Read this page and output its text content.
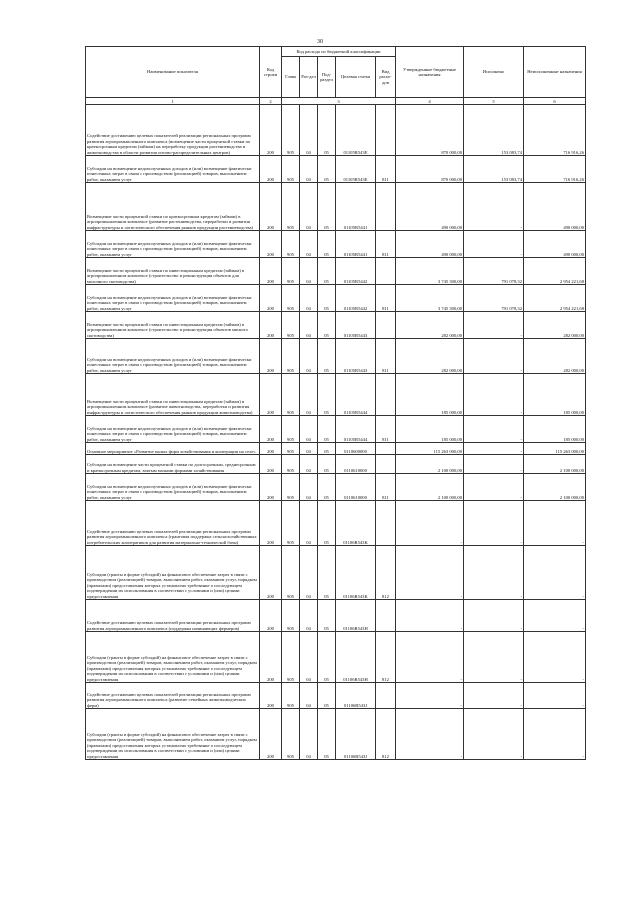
30
Наименование показателя	Код строки	Код расхода по бюджетной классификации					Утвержденные бюджетные назначения	Исполнено	Неисполненные назначения
		Глава	Раз-дел	Под-раздел	Целевая статья	Вид расхо-дов			
1	2	3					4	5	6
Содействие достижению целевых показателей реализации региональных программ развития агропромышленного комплекса (возмещение части процентной ставки по краткосрочным кредитам (займам) на переработку продукции растениеводства и животноводства в области развития оптово-распределительных центров)	200	905	04	05	01105R543E		870 000,00	153 083,74	716 916,26
Субсидии на возмещение недополученных доходов и (или) возмещение фактически понесенных затрат в связи с производством (реализацией) товаров, выполнением работ, оказанием услуг	200	905	04	05	01105R543E	811	870 000,00	153 083,74	716 916,26
Возмещение части процентной ставки по краткосрочным кредитам (займам) в агропромышленном комплексе (развитие растениеводства, переработки и развития инфраструктуры и логистического обеспечения рынков продукции растениеводства)	200	905	04	05	01105R5441		490 000,00	-	490 000,00
Субсидии на возмещение недополученных доходов и (или) возмещение фактически понесенных затрат в связи с производством (реализацией) товаров, выполнением работ, оказанием услуг	200	905	04	05	01105R5441	811	490 000,00	-	490 000,00
Возмещение части процентной ставки по инвестиционным кредитам (займам) в агропромышленном комплексе (строительство и реконструкция объектов для молочного скотоводства)	200	905	04	05	01105R5442		3 745 300,00	791 078,32	2 954 221,68
Субсидии на возмещение недополученных доходов и (или) возмещение фактически понесенных затрат в связи с производством (реализацией) товаров, выполнением работ, оказанием услуг	200	905	04	05	01105R5442	811	3 745 300,00	791 078,32	2 954 221,68
Возмещение части процентной ставки по инвестиционным кредитам (займам) в агропромышленном комплексе (строительство и реконструкция объектов мясного скотоводства)	200	905	04	05	01105R5443		282 000,00	-	282 000,00
Субсидии на возмещение недополученных доходов и (или) возмещение фактически понесенных затрат в связи с производством (реализацией) товаров, выполнением работ, оказанием услуг	200	905	04	05	01105R5443	811	282 000,00	-	282 000,00
Возмещение части процентной ставки по инвестиционным кредитам (займам) в агропромышленном комплексе (развитие животноводства, переработки и развития инфраструктуры и логистического обеспечения рынков продукции животноводства)	200	905	04	05	01105R5444		185 000,00	-	185 000,00
Субсидии на возмещение недополученных доходов и (или) возмещение фактически понесенных затрат в связи с производством (реализацией) товаров, выполнением работ, оказанием услуг	200	905	04	05	01105R5444	811	185 000,00	-	185 000,00
Основное мероприятие «Развитие малых форм хозяйствования и кооперации на селе»	200	905	04	05	0110600000		115 263 000,00	-	115 263 000,00
Субсидии на возмещение части процентной ставки по долгосрочным, среднесрочным и краткосрочным кредитам, взятым малыми формами хозяйствования	200	905	04	05	0110610000		2 100 000,00	-	2 100 000,00
Субсидии на возмещение недополученных доходов и (или) возмещение фактически понесенных затрат в связи с производством (реализацией) товаров, выполнением работ, оказанием услуг	200	905	04	05	0110610000	811	2 100 000,00	-	2 100 000,00
Содействие достижению целевых показателей реализации региональных программ развития агропромышленного комплекса (грантовая поддержка сельскохозяйственных потребительских кооперативов для развития материально-технической базы)	200	905	04	05	01106R543K		-	-	-
Субсидии (гранты в форме субсидий) на финансовое обеспечение затрат в связи с производством (реализацией) товаров, выполнением работ, оказанием услуг, порядком (правилами) предоставления которых установлено требование о последующем подтверждении их использования в соответствии с условиями и (или) целями предоставления	200	905	04	05	01106R543K	812	-	-	-
Содействие достижению целевых показателей реализации региональных программ развития агропромышленного комплекса (поддержка начинающих фермеров)	200	905	04	05	01106R543H		-	-	-
Субсидии (гранты в форме субсидий) на финансовое обеспечение затрат в связи с производством (реализацией) товаров, выполнением работ, оказанием услуг, порядком (правилами) предоставления которых установлено требование о последующем подтверждении их использования в соответствии с условиями и (или) целями предоставления	200	905	04	05	01106R543H	812	-	-	-
Содействие достижению целевых показателей реализации региональных программ развития агропромышленного комплекса (развитие семейных животноводческих ферм)	200	905	04	05	01106R543J		-	-	-
Субсидии (гранты в форме субсидий) на финансовое обеспечение затрат в связи с производством (реализацией) товаров, выполнением работ, оказанием услуг, порядком (правилами) предоставления которых установлено требование о последующем подтверждении их использования в соответствии с условиями и (или) целями предоставления	200	905	04	05	01106R543J	812	-	-	-
